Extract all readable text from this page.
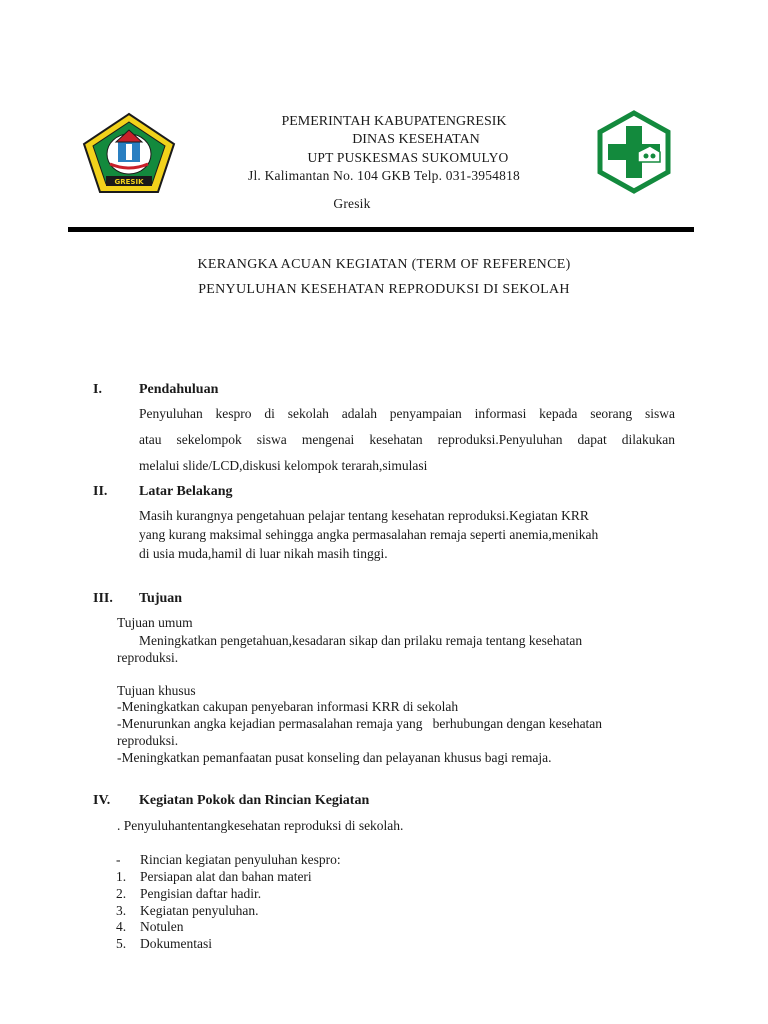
GRESIK
PEMERINTAH KABUPATENGRESIK
DINAS KESEHATAN
UPT PUSKESMAS SUKOMULYO
Jl. Kalimantan No. 104 GKB Telp. 031-3954818
Gresik
KERANGKA ACUAN KEGIATAN (TERM OF REFERENCE)
PENYULUHAN KESEHATAN REPRODUKSI DI SEKOLAH
I.	Pendahuluan
Penyuluhan kespro di sekolah adalah penyampaian informasi kepada seorang siswa
atau sekelompok siswa mengenai kesehatan reproduksi.Penyuluhan dapat dilakukan
melalui slide/LCD,diskusi kelompok terarah,simulasi
II. Latar Belakang
Masih kurangnya pengetahuan pelajar tentang kesehatan reproduksi.Kegiatan KRR
yang kurang maksimal sehingga angka permasalahan remaja seperti anemia,menikah
di usia muda,hamil di luar nikah masih tinggi.
III. Tujuan
Tujuan umum
Meningkatkan pengetahuan,kesadaran sikap dan prilaku remaja tentang kesehatan
reproduksi.
Tujuan khusus
-Meningkatkan cakupan penyebaran informasi KRR di sekolah
-Menurunkan angka kejadian permasalahan remaja yang   berhubungan dengan kesehatan
reproduksi.
-Meningkatkan pemanfaatan pusat konseling dan pelayanan khusus bagi remaja.
IV. Kegiatan Pokok dan Rincian Kegiatan
. Penyuluhantentangkesehatan reproduksi di sekolah.
-	Rincian kegiatan penyuluhan kespro:
1.	Persiapan alat dan bahan materi
2.	Pengisian daftar hadir.
3.	Kegiatan penyuluhan.
4.	Notulen
5.	Dokumentasi
